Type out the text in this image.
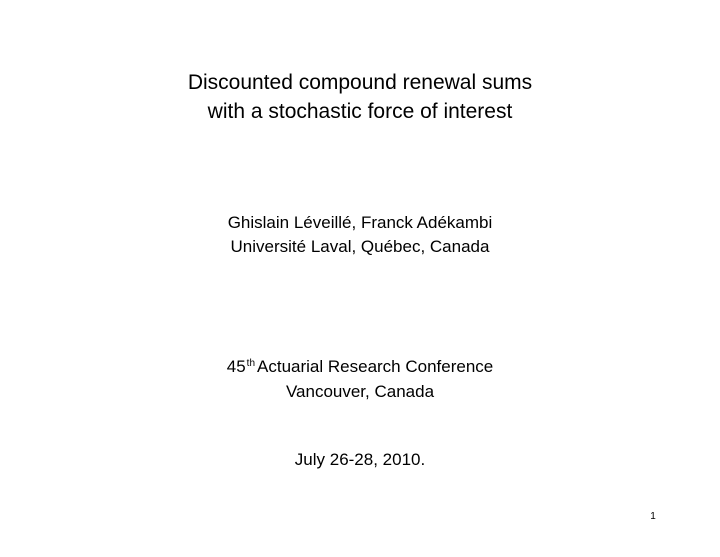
Discounted compound renewal sums
with a stochastic force of interest
Ghislain Léveillé, Franck Adékambi
Université Laval, Québec, Canada
45th Actuarial Research Conference
Vancouver, Canada
July 26-28, 2010.
1
